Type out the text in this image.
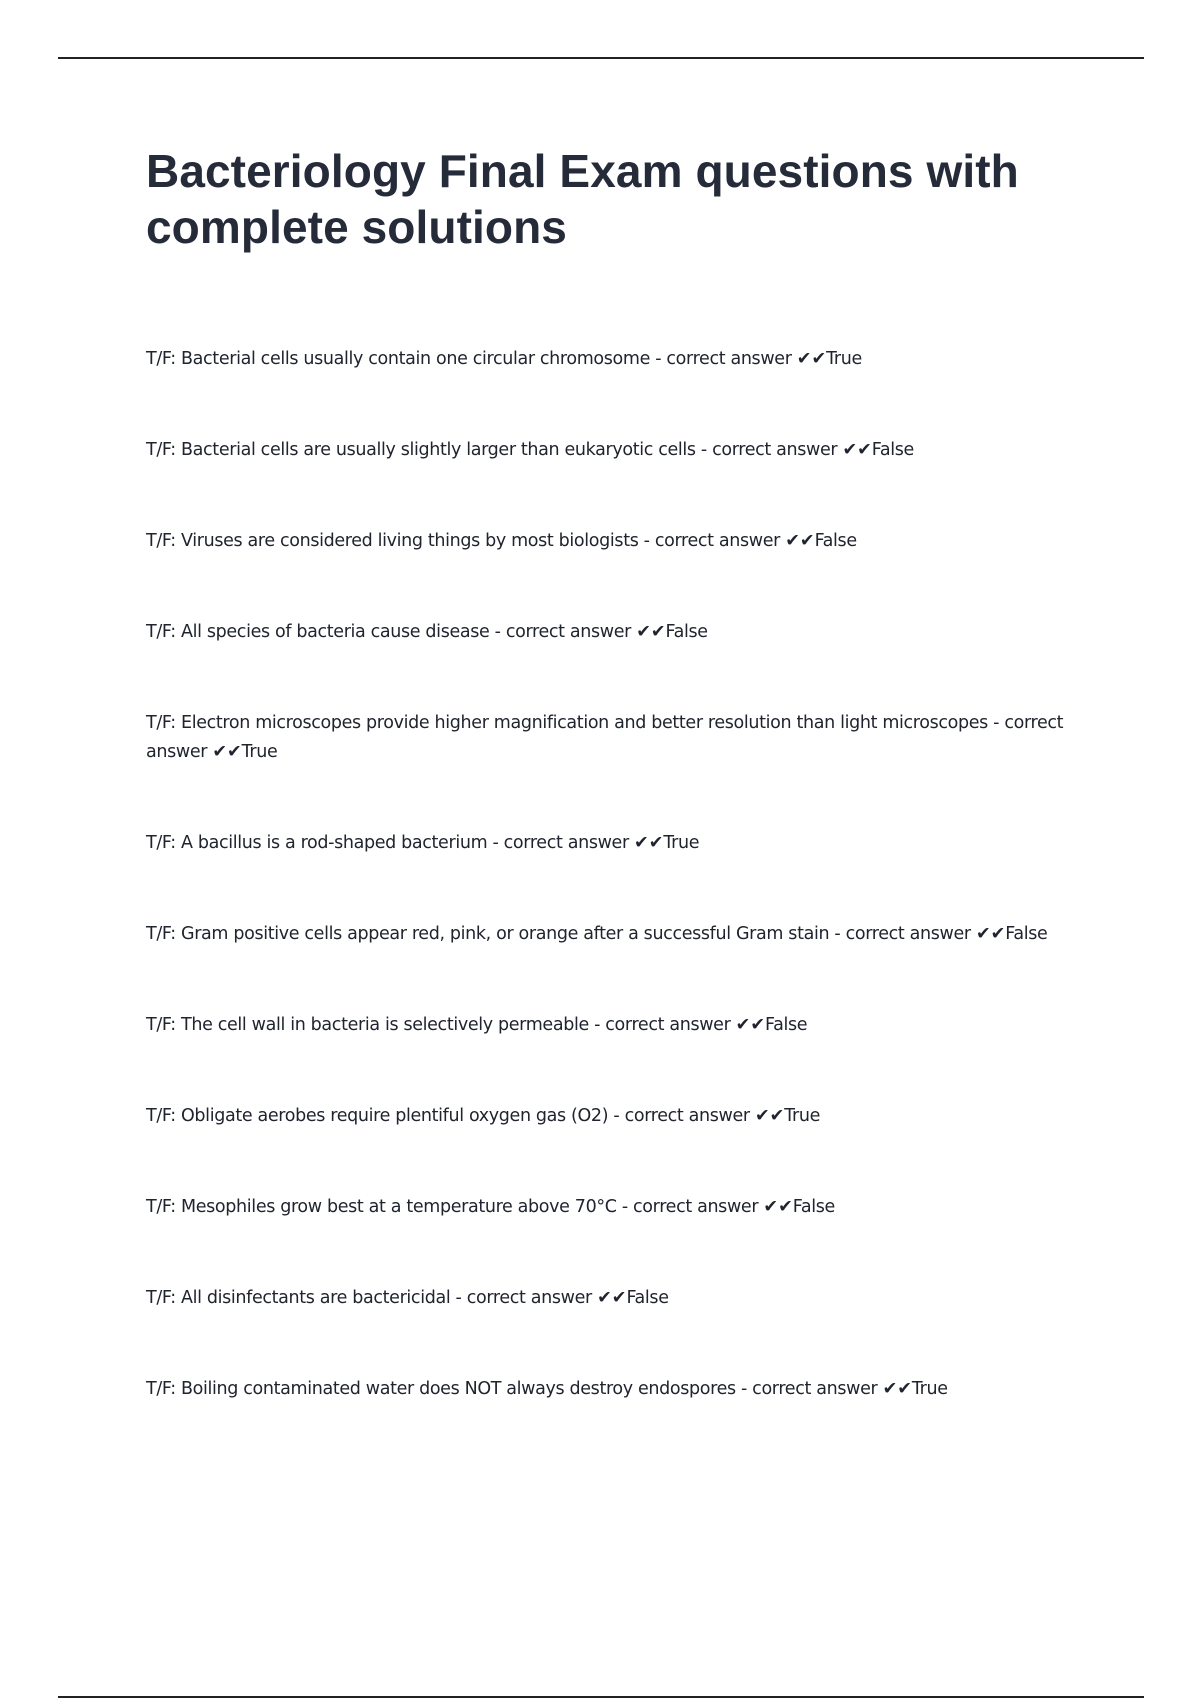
Bacteriology Final Exam questions with complete solutions
T/F: Bacterial cells usually contain one circular chromosome - correct answer ✔✔True
T/F: Bacterial cells are usually slightly larger than eukaryotic cells - correct answer ✔✔False
T/F: Viruses are considered living things by most biologists - correct answer ✔✔False
T/F: All species of bacteria cause disease - correct answer ✔✔False
T/F: Electron microscopes provide higher magnification and better resolution than light microscopes - correct answer ✔✔True
T/F: A bacillus is a rod-shaped bacterium - correct answer ✔✔True
T/F: Gram positive cells appear red, pink, or orange after a successful Gram stain - correct answer ✔✔False
T/F: The cell wall in bacteria is selectively permeable - correct answer ✔✔False
T/F: Obligate aerobes require plentiful oxygen gas (O2) - correct answer ✔✔True
T/F: Mesophiles grow best at a temperature above 70°C - correct answer ✔✔False
T/F: All disinfectants are bactericidal - correct answer ✔✔False
T/F: Boiling contaminated water does NOT always destroy endospores - correct answer ✔✔True
